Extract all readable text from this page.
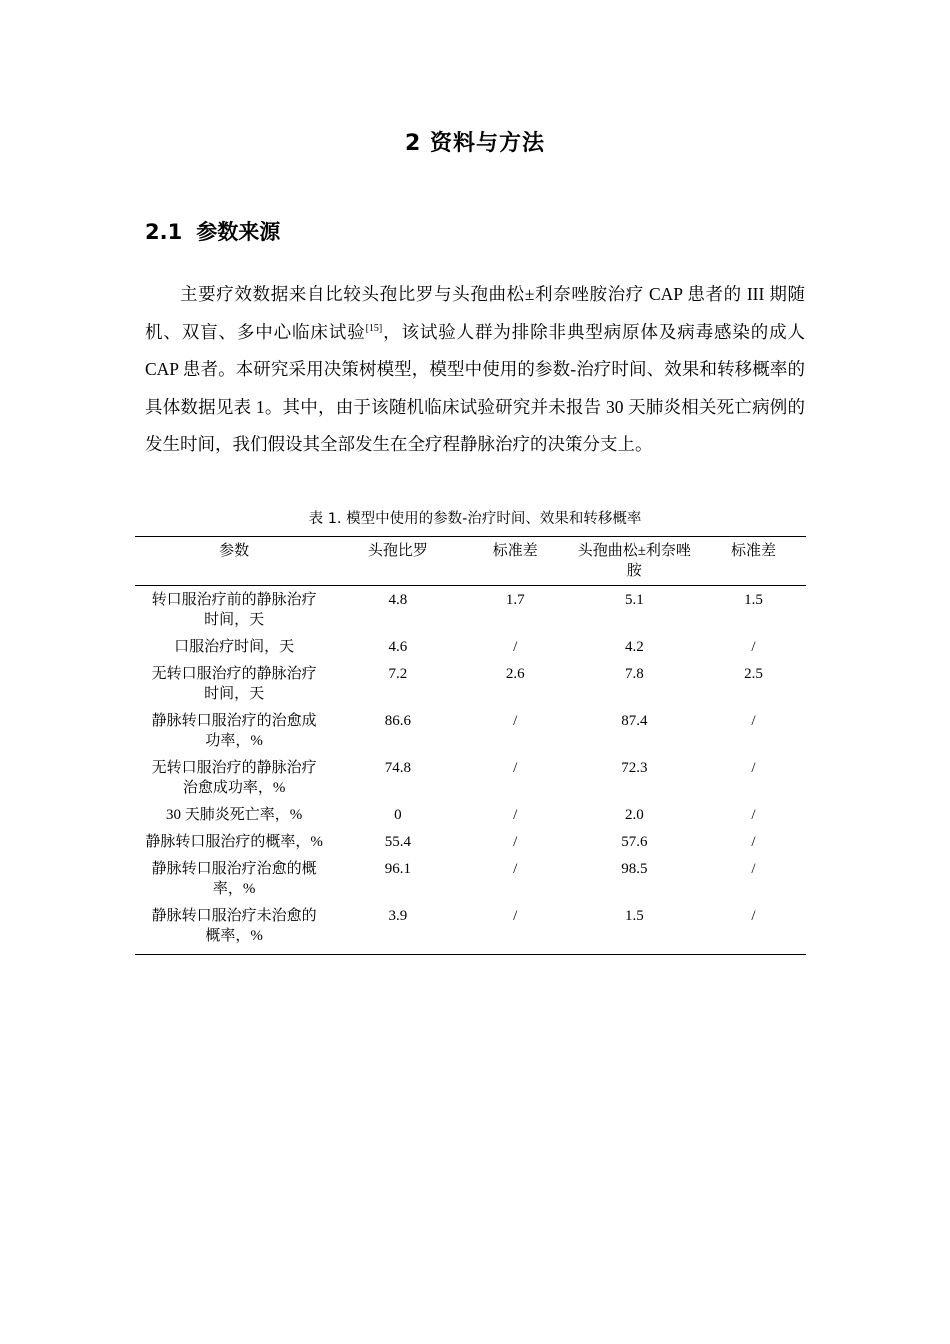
2 资料与方法
2.1 参数来源

主要疗效数据来自比较头孢比罗与头孢曲松±利奈唑胺治疗 CAP 患者的 III 期随机、双盲、多中心临床试验[15]，该试验人群为排除非典型病原体及病毒感染的成人 CAP 患者。本研究采用决策树模型，模型中使用的参数-治疗时间、效果和转移概率的具体数据见表 1。其中，由于该随机临床试验研究并未报告 30 天肺炎相关死亡病例的发生时间，我们假设其全部发生在全疗程静脉治疗的决策分支上。

表 1. 模型中使用的参数-治疗时间、效果和转移概率
参数	头孢比罗	标准差	头孢曲松±利奈唑胺	标准差
转口服治疗前的静脉治疗时间，天	4.8	1.7	5.1	1.5
口服治疗时间，天	4.6	/	4.2	/
无转口服治疗的静脉治疗时间，天	7.2	2.6	7.8	2.5
静脉转口服治疗的治愈成功率，%	86.6	/	87.4	/
无转口服治疗的静脉治疗治愈成功率，%	74.8	/	72.3	/
30 天肺炎死亡率，%	0	/	2.0	/
静脉转口服治疗的概率，%	55.4	/	57.6	/
静脉转口服治疗治愈的概率，%	96.1	/	98.5	/
静脉转口服治疗未治愈的概率，%	3.9	/	1.5	/
